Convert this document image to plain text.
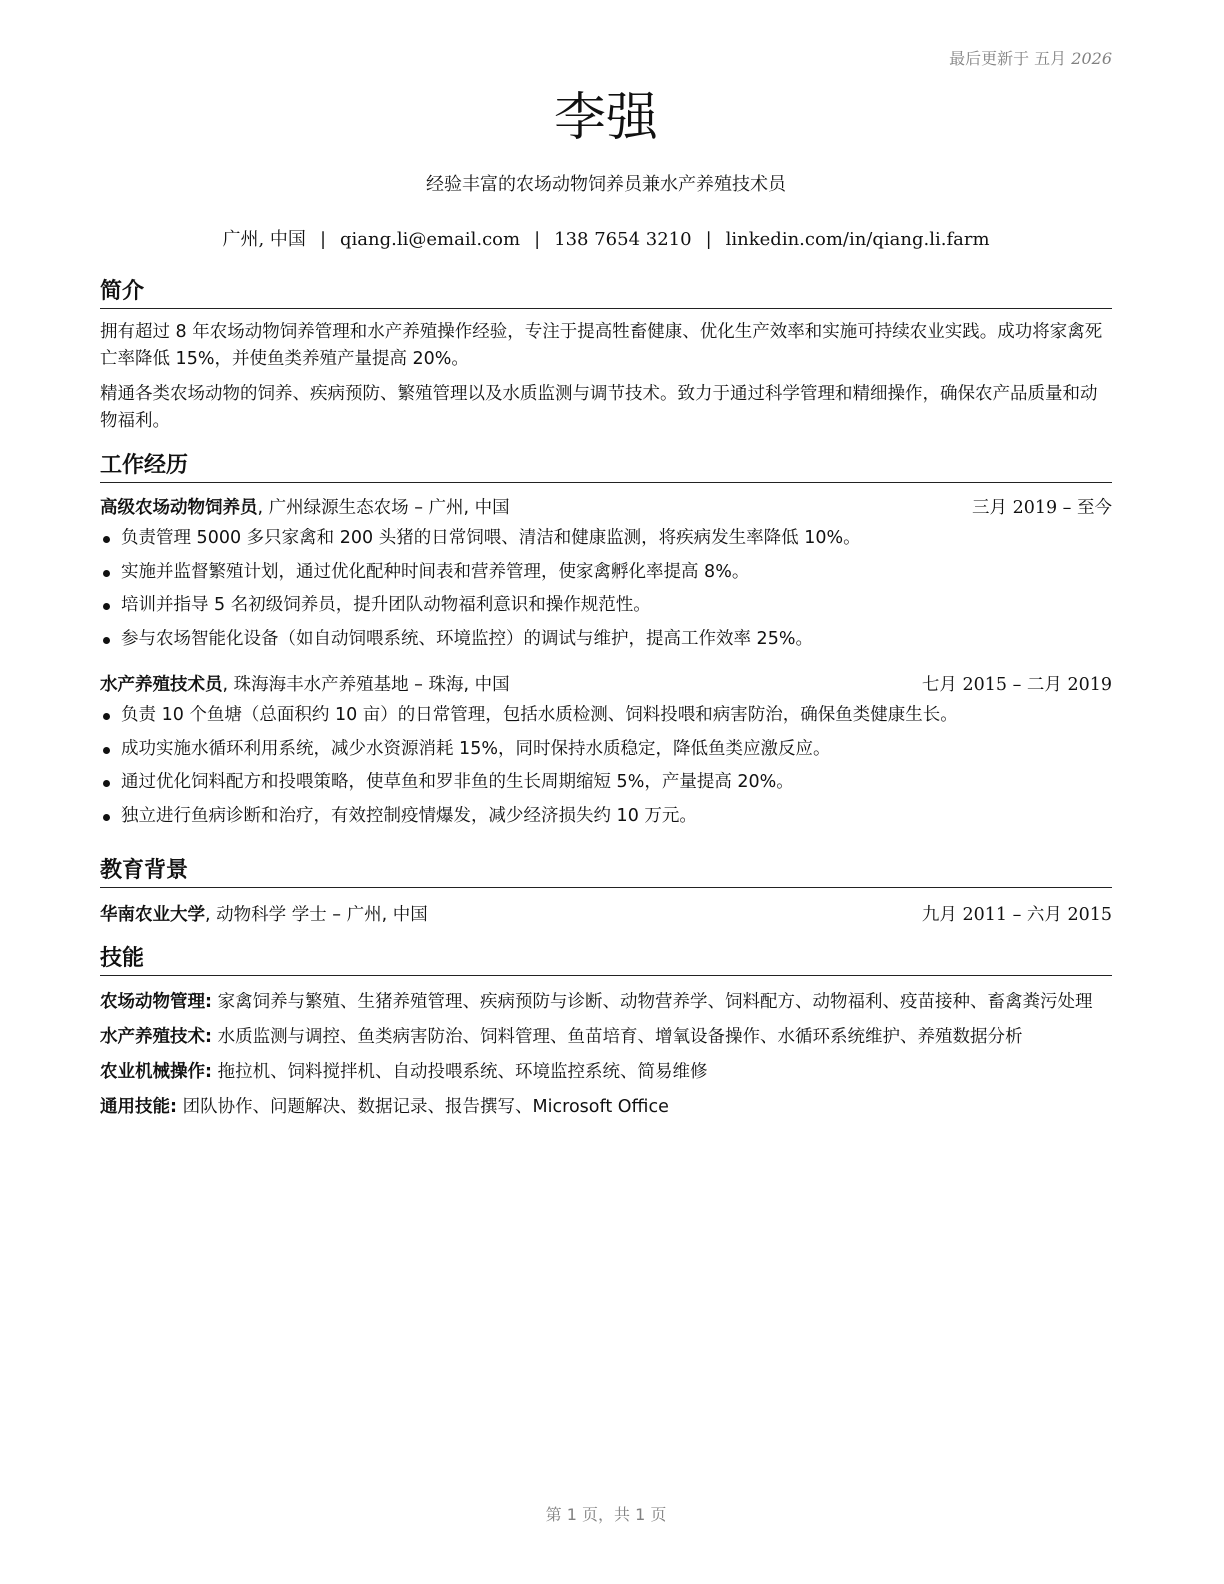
最后更新于 五月 2026
李强
经验丰富的农场动物饲养员兼水产养殖技术员
广州, 中国 | qiang.li@email.com | 138 7654 3210 | linkedin.com/in/qiang.li.farm
简介

拥有超过 8 年农场动物饲养管理和水产养殖操作经验，专注于提高牲畜健康、优化生产效率和实施可持续农业实践。成功将家禽死亡率降低 15%，并使鱼类养殖产量提高 20%。

精通各类农场动物的饲养、疾病预防、繁殖管理以及水质监测与调节技术。致力于通过科学管理和精细操作，确保农产品质量和动物福利。

工作经历
高级农场动物饲养员, 广州绿源生态农场 – 广州, 中国	三月 2019 – 至今
负责管理 5000 多只家禽和 200 头猪的日常饲喂、清洁和健康监测，将疾病发生率降低 10%。
实施并监督繁殖计划，通过优化配种时间表和营养管理，使家禽孵化率提高 8%。
培训并指导 5 名初级饲养员，提升团队动物福利意识和操作规范性。
参与农场智能化设备（如自动饲喂系统、环境监控）的调试与维护，提高工作效率 25%。
水产养殖技术员, 珠海海丰水产养殖基地 – 珠海, 中国	七月 2015 – 二月 2019
负责 10 个鱼塘（总面积约 10 亩）的日常管理，包括水质检测、饲料投喂和病害防治，确保鱼类健康生长。
成功实施水循环利用系统，减少水资源消耗 15%，同时保持水质稳定，降低鱼类应激反应。
通过优化饲料配方和投喂策略，使草鱼和罗非鱼的生长周期缩短 5%，产量提高 20%。
独立进行鱼病诊断和治疗，有效控制疫情爆发，减少经济损失约 10 万元。
教育背景
华南农业大学, 动物科学 学士 – 广州, 中国	九月 2011 – 六月 2015
技能

农场动物管理: 家禽饲养与繁殖、生猪养殖管理、疾病预防与诊断、动物营养学、饲料配方、动物福利、疫苗接种、畜禽粪污处理

水产养殖技术: 水质监测与调控、鱼类病害防治、饲料管理、鱼苗培育、增氧设备操作、水循环系统维护、养殖数据分析

农业机械操作: 拖拉机、饲料搅拌机、自动投喂系统、环境监控系统、简易维修

通用技能: 团队协作、问题解决、数据记录、报告撰写、Microsoft Office

第 1 页，共 1 页
